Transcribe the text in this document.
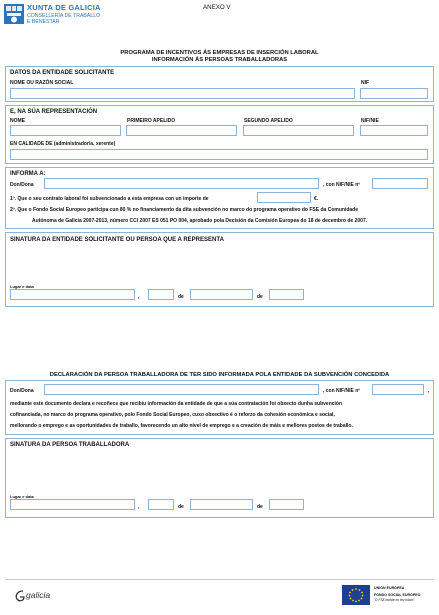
XUNTA DE GALICIA
CONSELLERÍA DE TRABALLO
E BENESTAR
ANEXO V
PROGRAMA DE INCENTIVOS ÁS EMPRESAS DE INSERCIÓN LABORAL
INFORMACIÓN ÁS PERSOAS TRABALLADORAS
DATOS DA ENTIDADE SOLICITANTE
NOME OU RAZÓN SOCIAL	NIF
E, NA SÚA REPRESENTACIÓN
NOME	PRIMEIRO APELIDO	SEGUNDO APELIDO	NIF/NIE
EN CALIDADE DE (administrador/a, xerente)
INFORMA A:
Don/Dona	, con NIF/NIE nº
1º. Que o seu contrato laboral foi subvencionado a esta empresa con un importe de	€.
2º. Que o Fondo Social Europeo participa cun 80 % no financiamento da dita subvención no marco do programa operativo do FSE da Comunidade
Autónoma de Galicia 2007-2013, número CCI 2007 ES 051 PO 004, aprobado pola Decisión da Comisión Europea do 18 de decembro de 2007.
SINATURA DA ENTIDADE SOLICITANTE OU PERSOA QUE A REPRESENTA
Lugar e data
,	de	de
DECLARACIÓN DA PERSOA TRABALLADORA DE TER SIDO INFORMADA POLA ENTIDADE DA SUBVENCIÓN CONCEDIDA
Don/Dona	, con NIF/NIE nº	,
mediante este documento declara e recoñece que recibiu información da entidade de que a súa contratación foi obxecto dunha subvención
cofinanciada, no marco do programa operativo, polo Fondo Social Europeo, cuxo obxectivo é o reforzo da cohesión económica e social,
mellorando o emprego e as oportunidades de traballo, favorecendo un alto nivel de emprego e a creación de máis e mellores postos de traballo.
SINATURA DA PERSOA TRABALLADORA
Lugar e data
,	de	de
galicia
UNIÓN EUROPEA
FONDO SOCIAL EUROPEO
"O FSE inviste no teu futuro"
